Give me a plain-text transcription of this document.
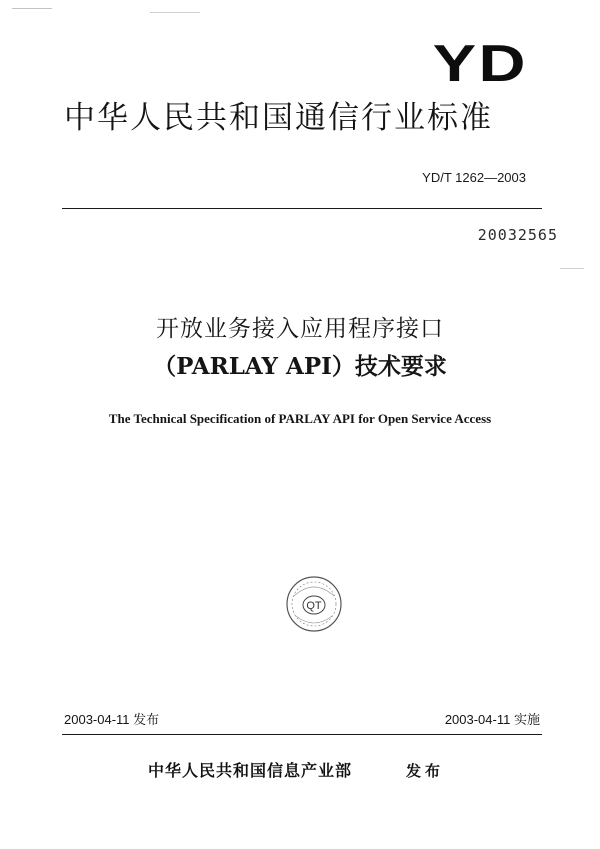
YD
中华人民共和国通信行业标准
YD/T 1262—2003
20032565
开放业务接入应用程序接口
（PARLAY API）技术要求
The Technical Specification of PARLAY API for Open Service Access
QT
2003-04-11 发布	2003-04-11 实施
中华人民共和国信息产业部	发布
